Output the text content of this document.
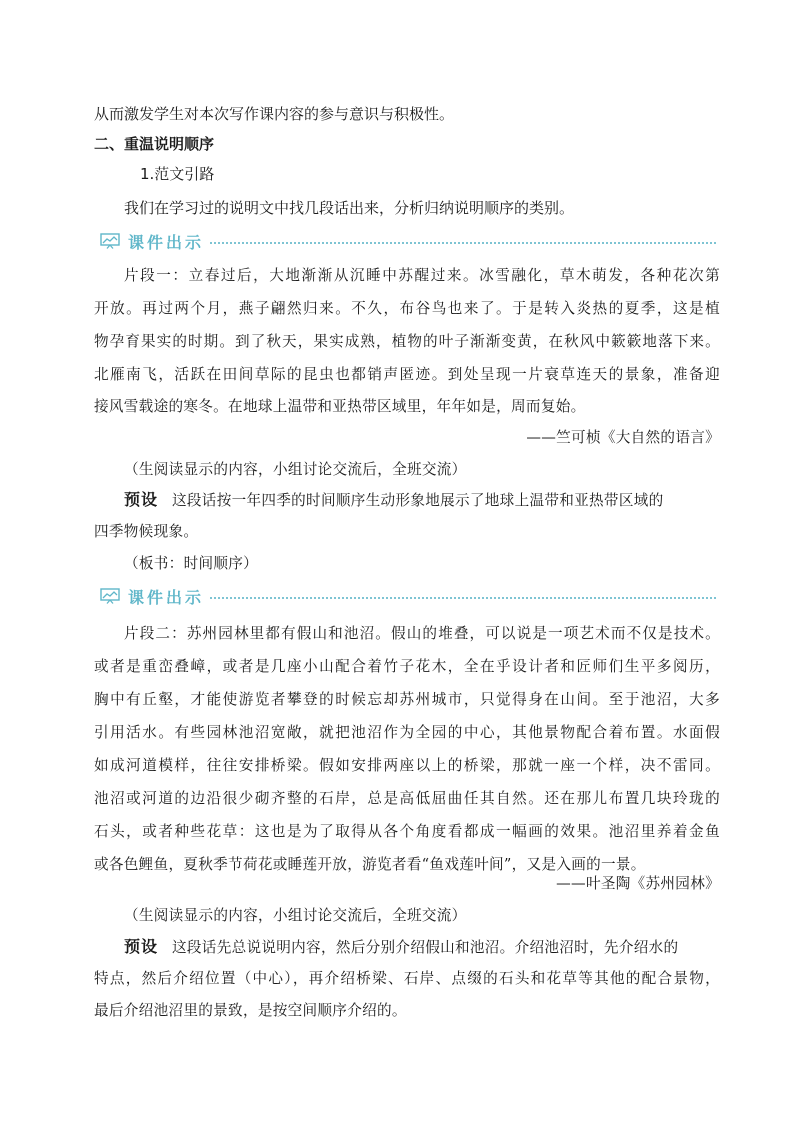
从而激发学生对本次写作课内容的参与意识与积极性。
二、重温说明顺序
1.范文引路
我们在学习过的说明文中找几段话出来，分析归纳说明顺序的类别。
课件出示
片段一：立春过后，大地渐渐从沉睡中苏醒过来。冰雪融化，草木萌发，各种花次第
开放。再过两个月，燕子翩然归来。不久，布谷鸟也来了。于是转入炎热的夏季，这是植
物孕育果实的时期。到了秋天，果实成熟，植物的叶子渐渐变黄，在秋风中簌簌地落下来。
北雁南飞，活跃在田间草际的昆虫也都销声匿迹。到处呈现一片衰草连天的景象，准备迎
接风雪载途的寒冬。在地球上温带和亚热带区域里，年年如是，周而复始。
——竺可桢《大自然的语言》
（生阅读显示的内容，小组讨论交流后，全班交流）
预设 这段话按一年四季的时间顺序生动形象地展示了地球上温带和亚热带区域的
四季物候现象。
（板书：时间顺序）
课件出示
片段二：苏州园林里都有假山和池沼。假山的堆叠，可以说是一项艺术而不仅是技术。
或者是重峦叠嶂，或者是几座小山配合着竹子花木，全在乎设计者和匠师们生平多阅历，
胸中有丘壑，才能使游览者攀登的时候忘却苏州城市，只觉得身在山间。至于池沼，大多
引用活水。有些园林池沼宽敞，就把池沼作为全园的中心，其他景物配合着布置。水面假
如成河道模样，往往安排桥梁。假如安排两座以上的桥梁，那就一座一个样，决不雷同。
池沼或河道的边沿很少砌齐整的石岸，总是高低屈曲任其自然。还在那儿布置几块玲珑的
石头，或者种些花草：这也是为了取得从各个角度看都成一幅画的效果。池沼里养着金鱼
或各色鲤鱼，夏秋季节荷花或睡莲开放，游览者看“鱼戏莲叶间”，又是入画的一景。
——叶圣陶《苏州园林》
（生阅读显示的内容，小组讨论交流后，全班交流）
预设 这段话先总说说明内容，然后分别介绍假山和池沼。介绍池沼时，先介绍水的
特点，然后介绍位置（中心），再介绍桥梁、石岸、点缀的石头和花草等其他的配合景物，
最后介绍池沼里的景致，是按空间顺序介绍的。
